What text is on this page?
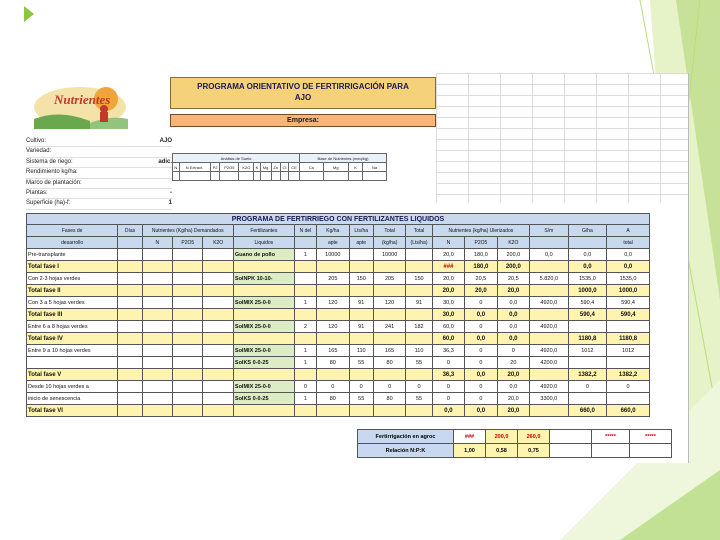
Nutrientes
PROGRAMA ORIENTATIVO DE FERTIRRIGACIÓN PARA
AJO
Empresa:
Cultivo:	AJO
Variedad:
Sistema de riego:	adic.
Rendimiento kg/ha:
Marco de plantación:
Plantas:	-
Superficie (ha)-f:	1
Análisis de Suelo										Base de Nutrientes (meq/kg)			
N	N Extract.	P2	P2O5	K2O	K	Mg	Zn	Cl	CE	Ca	Mg	K	Na

PROGRAMA DE FERTIRRIEGO CON FERTILIZANTES LIQUIDOS																
Fases de	Días	Nutrientes (Kg/ha) Demandados			Fertilizantes	N del	Kg/ha	Lts/ha	Total	Total	Nutrientes (kg/ha) Ulerizados			S/m	G/ha	A
desarrollo		N	P2O5	K2O	Liquidos		apte	apte	(kg/ha)	(Lts/ha)	N	P2O5	K2O			total
Pre-transplante					Guano de pollo	1	10000		10000		20,0	180,0	200,0	0,0	0,0	0,0
Total fase I											###	180,0	200,0		0,0	0,0
Con 2-3 hojas verdes					SolNPK 10-10-		205	150	205	150	20,0	20,5	20,5	5.820,0	1535,0	1535,0
Total fase II											20,0	20,0	20,0		1000,0	1000,0
Con 3 a 5 hojas verdes					SolMIX 25-0-0	1	120	91	120	91	30,0	0	0,0	4920,0	590,4	590,4
Total fase III											30,0	0,0	0,0		590,4	590,4
Entre 6 a 8 hojas verdes					SolMIX 25-0-0	2	120	91	241	182	60,0	0	0,0	4920,0		
Total fase IV											60,0	0,0	0,0		1180,8	1180,8
Entre 9 a 10 hojas verdes					SolMIX 25-0-0	1	165	110	165	110	36,3	0	0	4920,0	1012	1012
					SolKS 0-0-25	1	80	55	80	55	0	0	20	4200,0		
Total fase V											36,3	0,0	20,0		1382,2	1382,2
Desde 10 hojas verdes a					SolMIX 25-0-0	0	0	0	0	0	0	0	0,0	4920,0	0	0
inicio de senescencia					SolKS 0-0-25	1	80	55	80	55	0	0	20,0	3300,0		
Total fase VI											0,0	0,0	20,0		660,0	660,0
Fertirrigación en agroc	###	200,0	260,0		*****	*****
Relación N:P:K	1,00	0,58	0,75			
